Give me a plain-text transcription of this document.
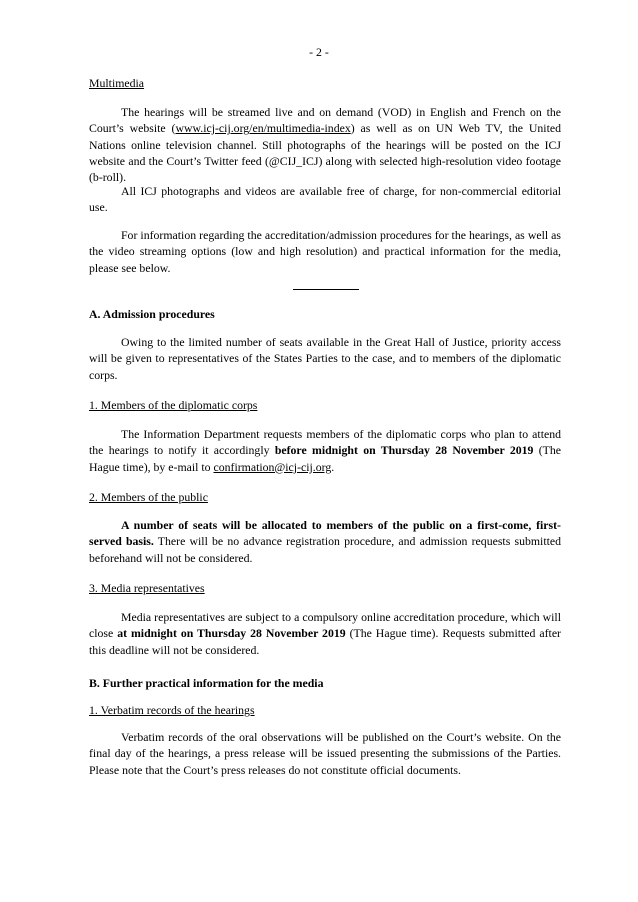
- 2 -

Multimedia

The hearings will be streamed live and on demand (VOD) in English and French on the Court’s website (www.icj-cij.org/en/multimedia-index) as well as on UN Web TV, the United Nations online television channel. Still photographs of the hearings will be posted on the ICJ website and the Court’s Twitter feed (@CIJ_ICJ) along with selected high-resolution video footage (b-roll).

All ICJ photographs and videos are available free of charge, for non-commercial editorial use.

For information regarding the accreditation/admission procedures for the hearings, as well as the video streaming options (low and high resolution) and practical information for the media, please see below.

A. Admission procedures

Owing to the limited number of seats available in the Great Hall of Justice, priority access will be given to representatives of the States Parties to the case, and to members of the diplomatic corps.

1. Members of the diplomatic corps

The Information Department requests members of the diplomatic corps who plan to attend the hearings to notify it accordingly before midnight on Thursday 28 November 2019 (The Hague time), by e-mail to confirmation@icj-cij.org.

2. Members of the public

A number of seats will be allocated to members of the public on a first-come, first-served basis. There will be no advance registration procedure, and admission requests submitted beforehand will not be considered.

3. Media representatives

Media representatives are subject to a compulsory online accreditation procedure, which will close at midnight on Thursday 28 November 2019 (The Hague time). Requests submitted after this deadline will not be considered.

B. Further practical information for the media

1. Verbatim records of the hearings

Verbatim records of the oral observations will be published on the Court’s website. On the final day of the hearings, a press release will be issued presenting the submissions of the Parties. Please note that the Court’s press releases do not constitute official documents.
